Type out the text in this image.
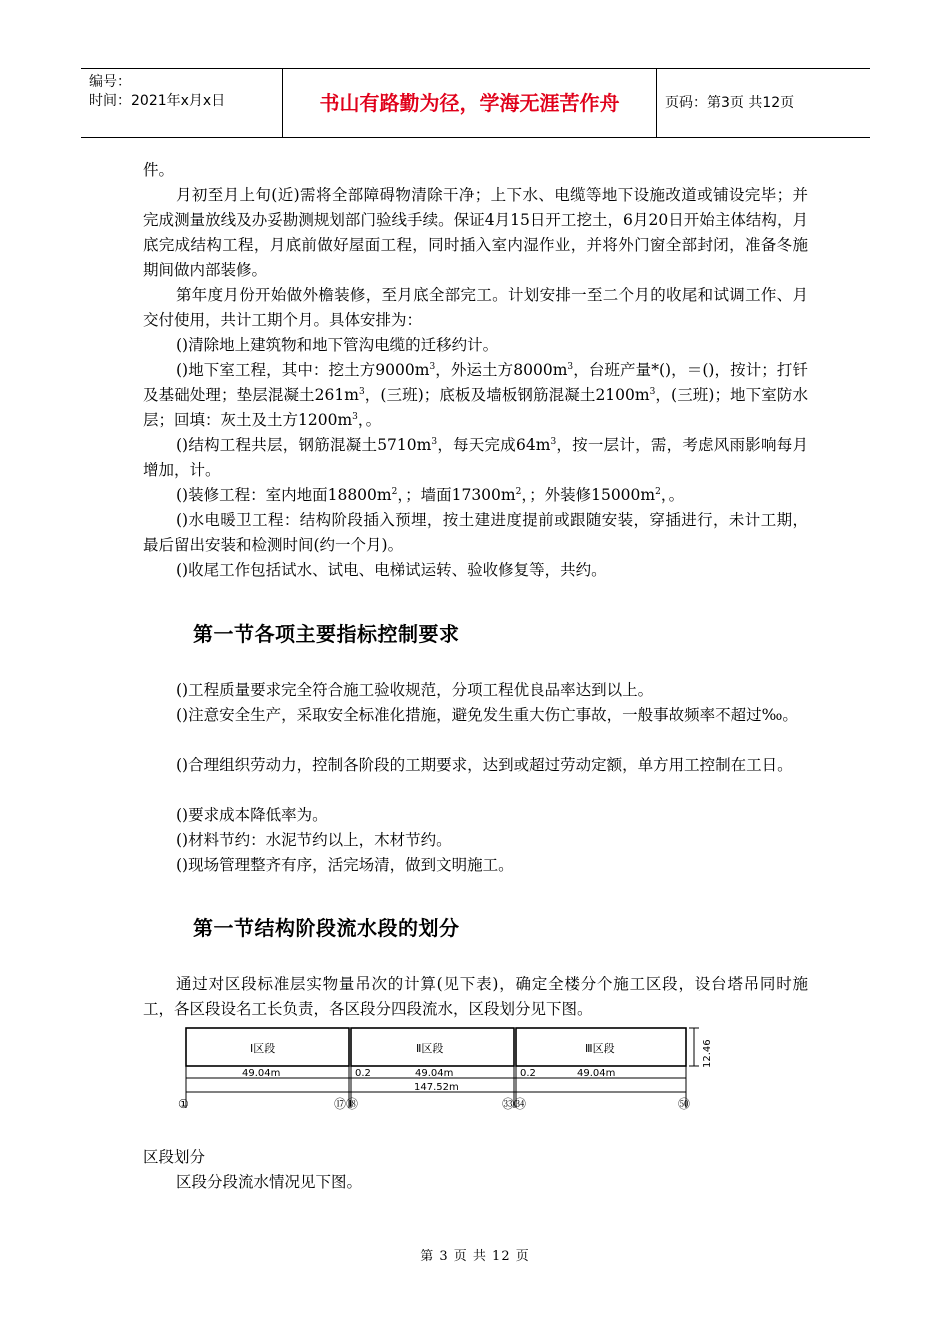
编号：
时间：2021年x月x日	书山有路勤为径，学海无涯苦作舟	页码：第3页 共12页
件。
月初至月上旬(近)需将全部障碍物清除干净；上下水、电缆等地下设施改道或铺设完毕；并完成测量放线及办妥勘测规划部门验线手续。保证4月15日开工挖土，6月20日开始主体结构，月底完成结构工程，月底前做好屋面工程，同时插入室内湿作业，并将外门窗全部封闭，准备冬施期间做内部装修。
第年度月份开始做外檐装修，至月底全部完工。计划安排一至二个月的收尾和试调工作、月交付使用，共计工期个月。具体安排为：
()清除地上建筑物和地下管沟电缆的迁移约计。
()地下室工程，其中：挖土方$9000m^3$，外运土方$8000m^3$，台班产量*()，＝()，按计；打钎及基础处理；垫层混凝土$261m^3$，(三班)；底板及墙板钢筋混凝土$2100m^3$，(三班)；地下室防水层；回填：灰土及土方$1200m^3$，。
()结构工程共层，钢筋混凝土$5710m^3$，每天完成$64m^3$，按一层计，需，考虑风雨影响每月增加，计。
()装修工程：室内地面$18800m^2$，；墙面$17300m^2$，；外装修$15000m^2$，。
()水电暖卫工程：结构阶段插入预埋，按土建进度提前或跟随安装，穿插进行，未计工期，最后留出安装和检测时间(约一个月)。
()收尾工作包括试水、试电、电梯试运转、验收修复等，共约。
第一节各项主要指标控制要求
()工程质量要求完全符合施工验收规范，分项工程优良品率达到以上。
()注意安全生产，采取安全标准化措施，避免发生重大伤亡事故，一般事故频率不超过‰。
()合理组织劳动力，控制各阶段的工期要求，达到或超过劳动定额，单方用工控制在工日。
()要求成本降低率为。
()材料节约：水泥节约以上，木材节约。
()现场管理整齐有序，活完场清，做到文明施工。
第一节结构阶段流水段的划分
通过对区段标准层实物量吊次的计算(见下表)，确定全楼分个施工区段，设台塔吊同时施工，各区段设名工长负责，各区段分四段流水，区段划分见下图。
Ⅰ区段	Ⅱ区段	Ⅲ区段	12.46
49.04m	0.2	49.04m	0.2	49.04m
147.52m
①	⑰⑱	㉝㉞	㊿
区段划分
区段分段流水情况见下图。
第 3 页 共 12 页
